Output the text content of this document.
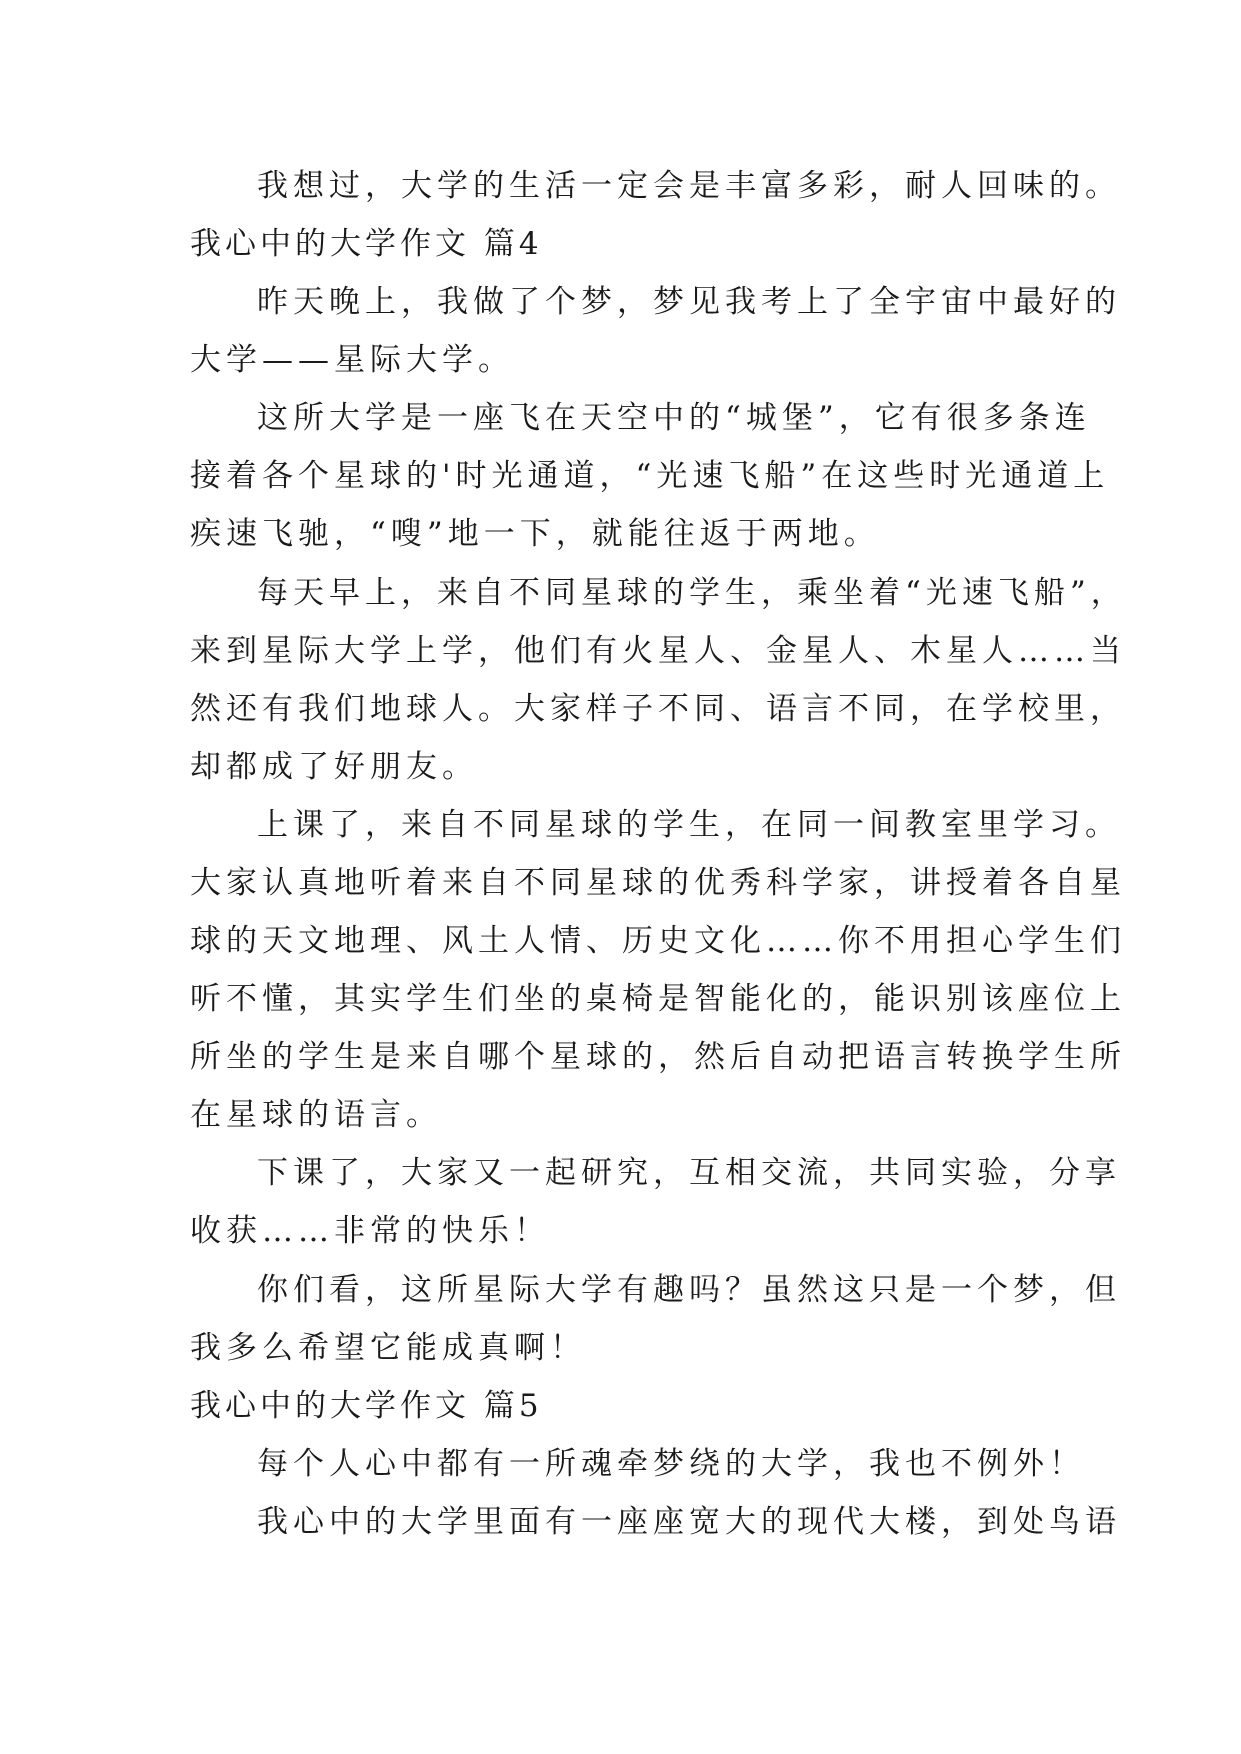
我想过，大学的生活一定会是丰富多彩，耐人回味的。
我心中的大学作文 篇4
昨天晚上，我做了个梦，梦见我考上了全宇宙中最好的
大学——星际大学。
这所大学是一座飞在天空中的“城堡”，它有很多条连
接着各个星球的'时光通道，“光速飞船”在这些时光通道上
疾速飞驰，“嗖”地一下，就能往返于两地。
每天早上，来自不同星球的学生，乘坐着“光速飞船”，
来到星际大学上学，他们有火星人、金星人、木星人……当
然还有我们地球人。大家样子不同、语言不同，在学校里，
却都成了好朋友。
上课了，来自不同星球的学生，在同一间教室里学习。
大家认真地听着来自不同星球的优秀科学家，讲授着各自星
球的天文地理、风土人情、历史文化……你不用担心学生们
听不懂，其实学生们坐的桌椅是智能化的，能识别该座位上
所坐的学生是来自哪个星球的，然后自动把语言转换学生所
在星球的语言。
下课了，大家又一起研究，互相交流，共同实验，分享
收获……非常的快乐！
你们看，这所星际大学有趣吗？虽然这只是一个梦，但
我多么希望它能成真啊！
我心中的大学作文 篇5
每个人心中都有一所魂牵梦绕的大学，我也不例外！
我心中的大学里面有一座座宽大的现代大楼，到处鸟语
